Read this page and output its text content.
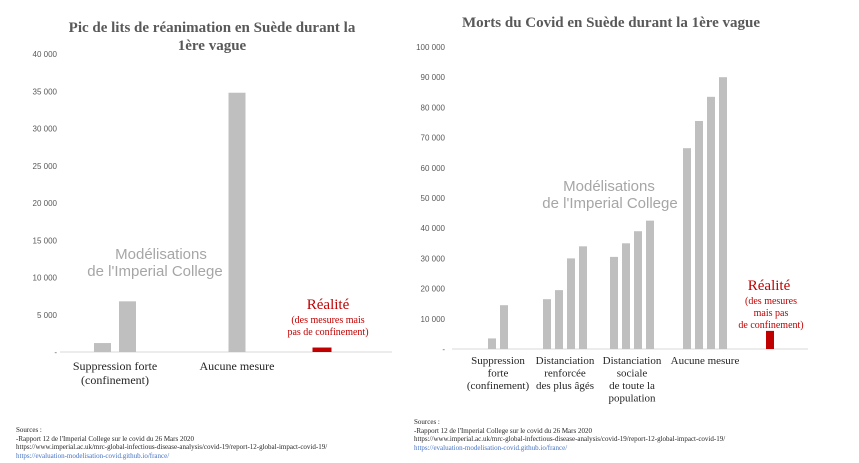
Pic de lits de réanimation en Suède durant la
1ère vague
-
5 000
10 000
15 000
20 000
25 000
30 000
35 000
40 000
Suppression forte
(confinement)
Aucune mesure
Modélisations
de l'Imperial College
Réalité
(des mesures mais
pas de confinement)
Morts du Covid en Suède durant la 1ère vague
-
10 000
20 000
30 000
40 000
50 000
60 000
70 000
80 000
90 000
100 000
Suppression
forte
(confinement)
Distanciation
renforcée
des plus âgés
Distanciation
sociale
de toute la
population
Aucune mesure
Modélisations
de l'Imperial College
Réalité
(des mesures
mais pas
de confinement)
Sources :
-Rapport 12 de l'Imperial College sur le covid du 26 Mars 2020
https://www.imperial.ac.uk/mrc-global-infectious-disease-analysis/covid-19/report-12-global-impact-covid-19/
https://evaluation-modelisation-covid.github.io/france/
Sources :
-Rapport 12 de l'Imperial College sur le covid du 26 Mars 2020
https://www.imperial.ac.uk/mrc-global-infectious-disease-analysis/covid-19/report-12-global-impact-covid-19/
https://evaluation-modelisation-covid.github.io/france/
